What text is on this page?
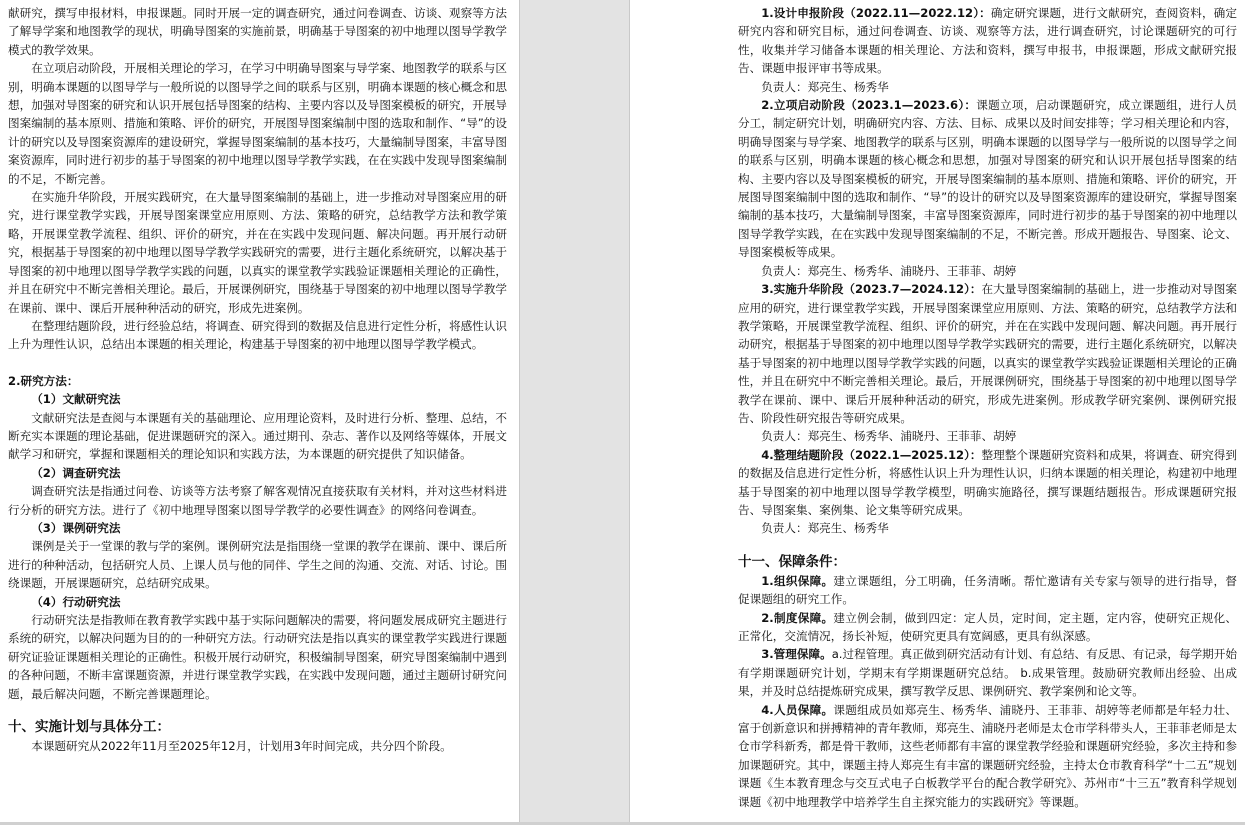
献研究，撰写申报材料，申报课题。同时开展一定的调查研究，通过问卷调查、访谈、观察等方法了解导学案和地图教学的现状，明确导图案的实施前景，明确基于导图案的初中地理以图导学教学模式的教学效果。

在立项启动阶段，开展相关理论的学习，在学习中明确导图案与导学案、地图教学的联系与区别，明确本课题的以图导学与一般所说的以图导学之间的联系与区别，明确本课题的核心概念和思想，加强对导图案的研究和认识开展包括导图案的结构、主要内容以及导图案模板的研究，开展导图案编制的基本原则、措施和策略、评价的研究，开展图导图案编制中图的选取和制作、“导”的设计的研究以及导图案资源库的建设研究，掌握导图案编制的基本技巧，大量编制导图案，丰富导图案资源库，同时进行初步的基于导图案的初中地理以图导学教学实践，在在实践中发现导图案编制的不足，不断完善。

在实施升华阶段，开展实践研究，在大量导图案编制的基础上，进一步推动对导图案应用的研究，进行课堂教学实践，开展导图案课堂应用原则、方法、策略的研究，总结教学方法和教学策略，开展课堂教学流程、组织、评价的研究，并在在实践中发现问题、解决问题。再开展行动研究，根据基于导图案的初中地理以图导学教学实践研究的需要，进行主题化系统研究，以解决基于导图案的初中地理以图导学教学实践的问题，以真实的课堂教学实践验证课题相关理论的正确性，并且在研究中不断完善相关理论。最后，开展课例研究，围绕基于导图案的初中地理以图导学教学在课前、课中、课后开展种种活动的研究，形成先进案例。

在整理结题阶段，进行经验总结，将调查、研究得到的数据及信息进行定性分析，将感性认识上升为理性认识，总结出本课题的相关理论，构建基于导图案的初中地理以图导学教学模式。

2.研究方法：

（1）文献研究法

文献研究法是查阅与本课题有关的基础理论、应用理论资料，及时进行分析、整理、总结，不断充实本课题的理论基础，促进课题研究的深入。通过期刊、杂志、著作以及网络等媒体，开展文献学习和研究，掌握和课题相关的理论知识和实践方法，为本课题的研究提供了知识储备。

（2）调查研究法

调查研究法是指通过问卷、访谈等方法考察了解客观情况直接获取有关材料，并对这些材料进行分析的研究方法。进行了《初中地理导图案以图导学教学的必要性调查》的网络问卷调查。

（3）课例研究法

课例是关于一堂课的教与学的案例。课例研究法是指围绕一堂课的教学在课前、课中、课后所进行的种种活动，包括研究人员、上课人员与他的同伴、学生之间的沟通、交流、对话、讨论。围绕课题，开展课题研究，总结研究成果。

（4）行动研究法

行动研究法是指教师在教育教学实践中基于实际问题解决的需要，将问题发展成研究主题进行系统的研究，以解决问题为目的的一种研究方法。行动研究法是指以真实的课堂教学实践进行课题研究证验证课题相关理论的正确性。积极开展行动研究，积极编制导图案，研究导图案编制中遇到的各种问题，不断丰富课题资源，并进行课堂教学实践，在实践中发现问题，通过主题研讨研究问题，最后解决问题，不断完善课题理论。

十、实施计划与具体分工：

本课题研究从2022年11月至2025年12月，计划用3年时间完成，共分四个阶段。

1.设计申报阶段（2022.11—2022.12）：确定研究课题，进行文献研究，查阅资料，确定研究内容和研究目标，通过问卷调查、访谈、观察等方法，进行调查研究，讨论课题研究的可行性，收集并学习储备本课题的相关理论、方法和资料，撰写申报书，申报课题，形成文献研究报告、课题申报评审书等成果。

负责人：郑亮生、杨秀华

2.立项启动阶段（2023.1—2023.6）：课题立项，启动课题研究，成立课题组，进行人员分工，制定研究计划，明确研究内容、方法、目标、成果以及时间安排等；学习相关理论和内容，明确导图案与导学案、地图教学的联系与区别，明确本课题的以图导学与一般所说的以图导学之间的联系与区别，明确本课题的核心概念和思想，加强对导图案的研究和认识开展包括导图案的结构、主要内容以及导图案模板的研究，开展导图案编制的基本原则、措施和策略、评价的研究，开展图导图案编制中图的选取和制作、“导”的设计的研究以及导图案资源库的建设研究，掌握导图案编制的基本技巧，大量编制导图案，丰富导图案资源库，同时进行初步的基于导图案的初中地理以图导学教学实践，在在实践中发现导图案编制的不足，不断完善。形成开题报告、导图案、论文、导图案模板等成果。

负责人：郑亮生、杨秀华、浦晓丹、王菲菲、胡婷

3.实施升华阶段（2023.7—2024.12）：在大量导图案编制的基础上，进一步推动对导图案应用的研究，进行课堂教学实践，开展导图案课堂应用原则、方法、策略的研究，总结教学方法和教学策略，开展课堂教学流程、组织、评价的研究，并在在实践中发现问题、解决问题。再开展行动研究，根据基于导图案的初中地理以图导学教学实践研究的需要，进行主题化系统研究，以解决基于导图案的初中地理以图导学教学实践的问题，以真实的课堂教学实践验证课题相关理论的正确性，并且在研究中不断完善相关理论。最后，开展课例研究，围绕基于导图案的初中地理以图导学教学在课前、课中、课后开展种种活动的研究，形成先进案例。形成教学研究案例、课例研究报告、阶段性研究报告等研究成果。

负责人：郑亮生、杨秀华、浦晓丹、王菲菲、胡婷

4.整理结题阶段（2022.1—2025.12）：整理整个课题研究资料和成果，将调查、研究得到的数据及信息进行定性分析，将感性认识上升为理性认识，归纳本课题的相关理论，构建初中地理基于导图案的初中地理以图导学教学模型，明确实施路径，撰写课题结题报告。形成课题研究报告、导图案集、案例集、论文集等研究成果。

负责人：郑亮生、杨秀华

十一、保障条件：

1.组织保障。建立课题组，分工明确，任务清晰。帮忙邀请有关专家与领导的进行指导，督促课题组的研究工作。

2.制度保障。建立例会制，做到四定：定人员，定时间，定主题，定内容，使研究正规化、正常化，交流情况，扬长补短，使研究更具有宽阔感，更具有纵深感。

3.管理保障。a.过程管理。真正做到研究活动有计划、有总结、有反思、有记录，每学期开始有学期课题研究计划，学期末有学期课题研究总结。 b.成果管理。鼓励研究教师出经验、出成果，并及时总结提炼研究成果，撰写教学反思、课例研究、教学案例和论文等。

4.人员保障。课题组成员如郑亮生、杨秀华、浦晓丹、王菲菲、胡婷等老师都是年轻力壮、富于创新意识和拼搏精神的青年教师，郑亮生、浦晓丹老师是太仓市学科带头人，王菲菲老师是太仓市学科新秀，都是骨干教师，这些老师都有丰富的课堂教学经验和课题研究经验，多次主持和参加课题研究。其中，课题主持人郑亮生有丰富的课题研究经验，主持太仓市教育科学“十二五”规划课题《生本教育理念与交互式电子白板教学平台的配合教学研究》、苏州市“十三五”教育科学规划课题《初中地理教学中培养学生自主探究能力的实践研究》等课题。
